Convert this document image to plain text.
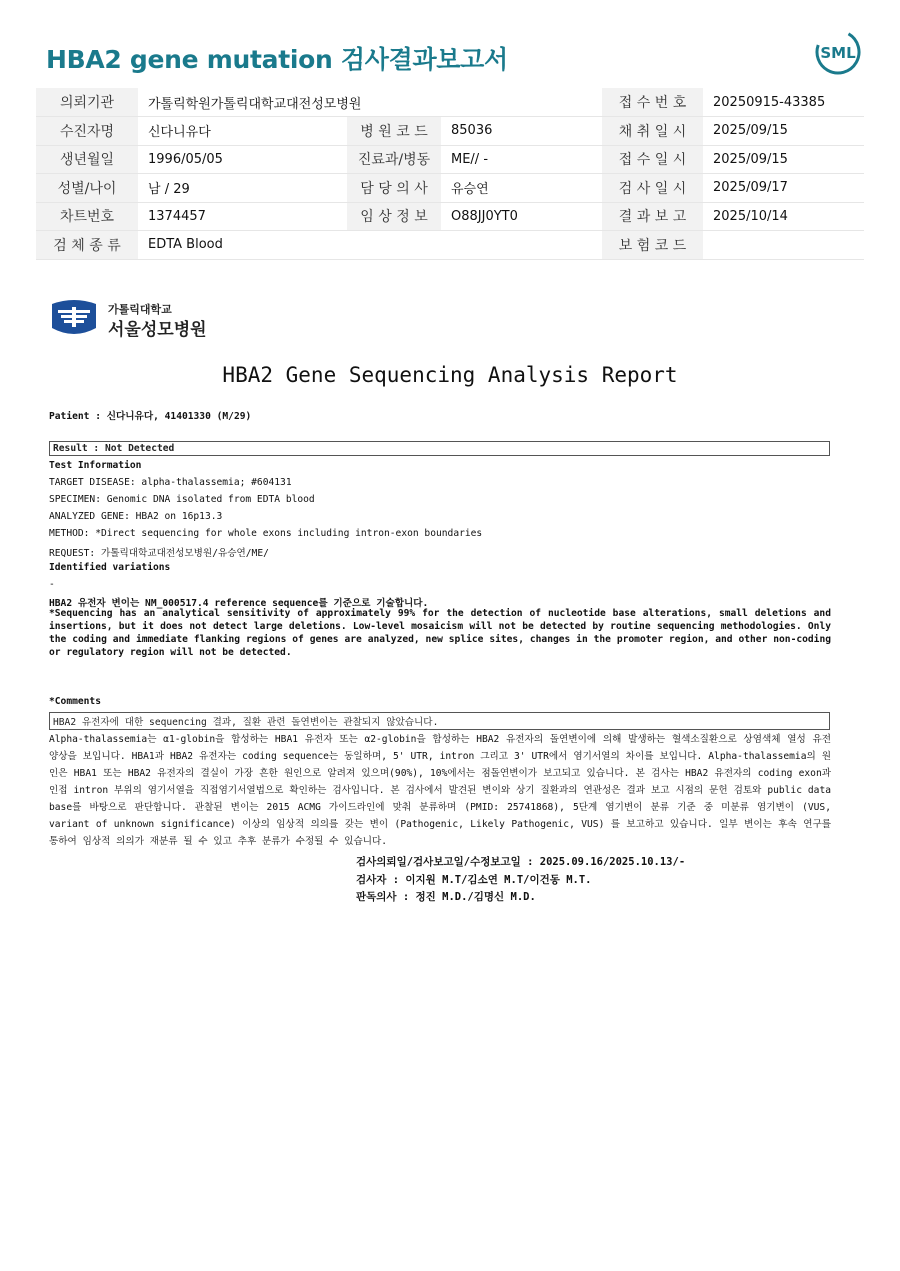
HBA2 gene mutation 검사결과보고서	SML
의뢰기관	가톨릭학원가톨릭대학교대전성모병원			접 수 번 호	20250915-43385
수진자명	신다니유다	병 원 코 드	85036	채 취 일 시	2025/09/15
생년월일	1996/05/05	진료과/병동	ME// -	접 수 일 시	2025/09/15
성별/나이	남 / 29	담 당 의 사	유승연	검 사 일 시	2025/09/17
차트번호	1374457	임 상 정 보	O88JJ0YT0	결 과 보 고	2025/10/14
검 체 종 류	EDTA Blood			보 험 코 드	
가톨릭대학교
서울성모병원
HBA2 Gene Sequencing Analysis Report
Patient : 신다니유다, 41401330 (M/29)
Result : Not Detected
Test Information
TARGET DISEASE: alpha-thalassemia; #604131
SPECIMEN: Genomic DNA isolated from EDTA blood
ANALYZED GENE: HBA2 on 16p13.3
METHOD: *Direct sequencing for whole exons including intron-exon boundaries
REQUEST: 가톨릭대학교대전성모병원/유승연/ME/
Identified variations
-
HBA2 유전자 변이는 NM_000517.4 reference sequence를 기준으로 기술합니다.
*Sequencing has an analytical sensitivity of approximately 99% for the detection of nucleotide base alterations, small deletions and insertions, but it does not detect large deletions. Low-level mosaicism will not be detected by routine sequencing methodologies. Only the coding and immediate flanking regions of genes are analyzed, new splice sites, changes in the promoter region, and other non-coding or regulatory region will not be detected.
*Comments
HBA2 유전자에 대한 sequencing 결과, 질환 관련 돌연변이는 관찰되지 않았습니다.
Alpha-thalassemia는 α1-globin을 합성하는 HBA1 유전자 또는 α2-globin을 합성하는 HBA2 유전자의 돌연변이에 의해 발생하는 혈색소질환으로 상염색체 열성 유전 양상을 보입니다. HBA1과 HBA2 유전자는 coding sequence는 동일하며, 5' UTR, intron 그리고 3' UTR에서 염기서열의 차이를 보입니다. Alpha-thalassemia의 원인은 HBA1 또는 HBA2 유전자의 결실이 가장 흔한 원인으로 알려져 있으며(90%), 10%에서는 점돌연변이가 보고되고 있습니다. 본 검사는 HBA2 유전자의 coding exon과 인접 intron 부위의 염기서열을 직접염기서열법으로 확인하는 검사입니다. 본 검사에서 발견된 변이와 상기 질환과의 연관성은 결과 보고 시점의 문헌 검토와 public data base를 바탕으로 판단합니다. 관찰된 변이는 2015 ACMG 가이드라인에 맞춰 분류하며 (PMID: 25741868), 5단계 염기변이 분류 기준 중 미분류 염기변이 (VUS, variant of unknown significance) 이상의 임상적 의의를 갖는 변이 (Pathogenic, Likely Pathogenic, VUS) 를 보고하고 있습니다. 일부 변이는 후속 연구를 통하여 임상적 의의가 재분류 될 수 있고 추후 분류가 수정될 수 있습니다.
검사의뢰일/검사보고일/수정보고일 : 2025.09.16/2025.10.13/-
검사자 : 이지원 M.T/김소연 M.T/이건동 M.T.
판독의사 : 정진 M.D./김명신 M.D.
